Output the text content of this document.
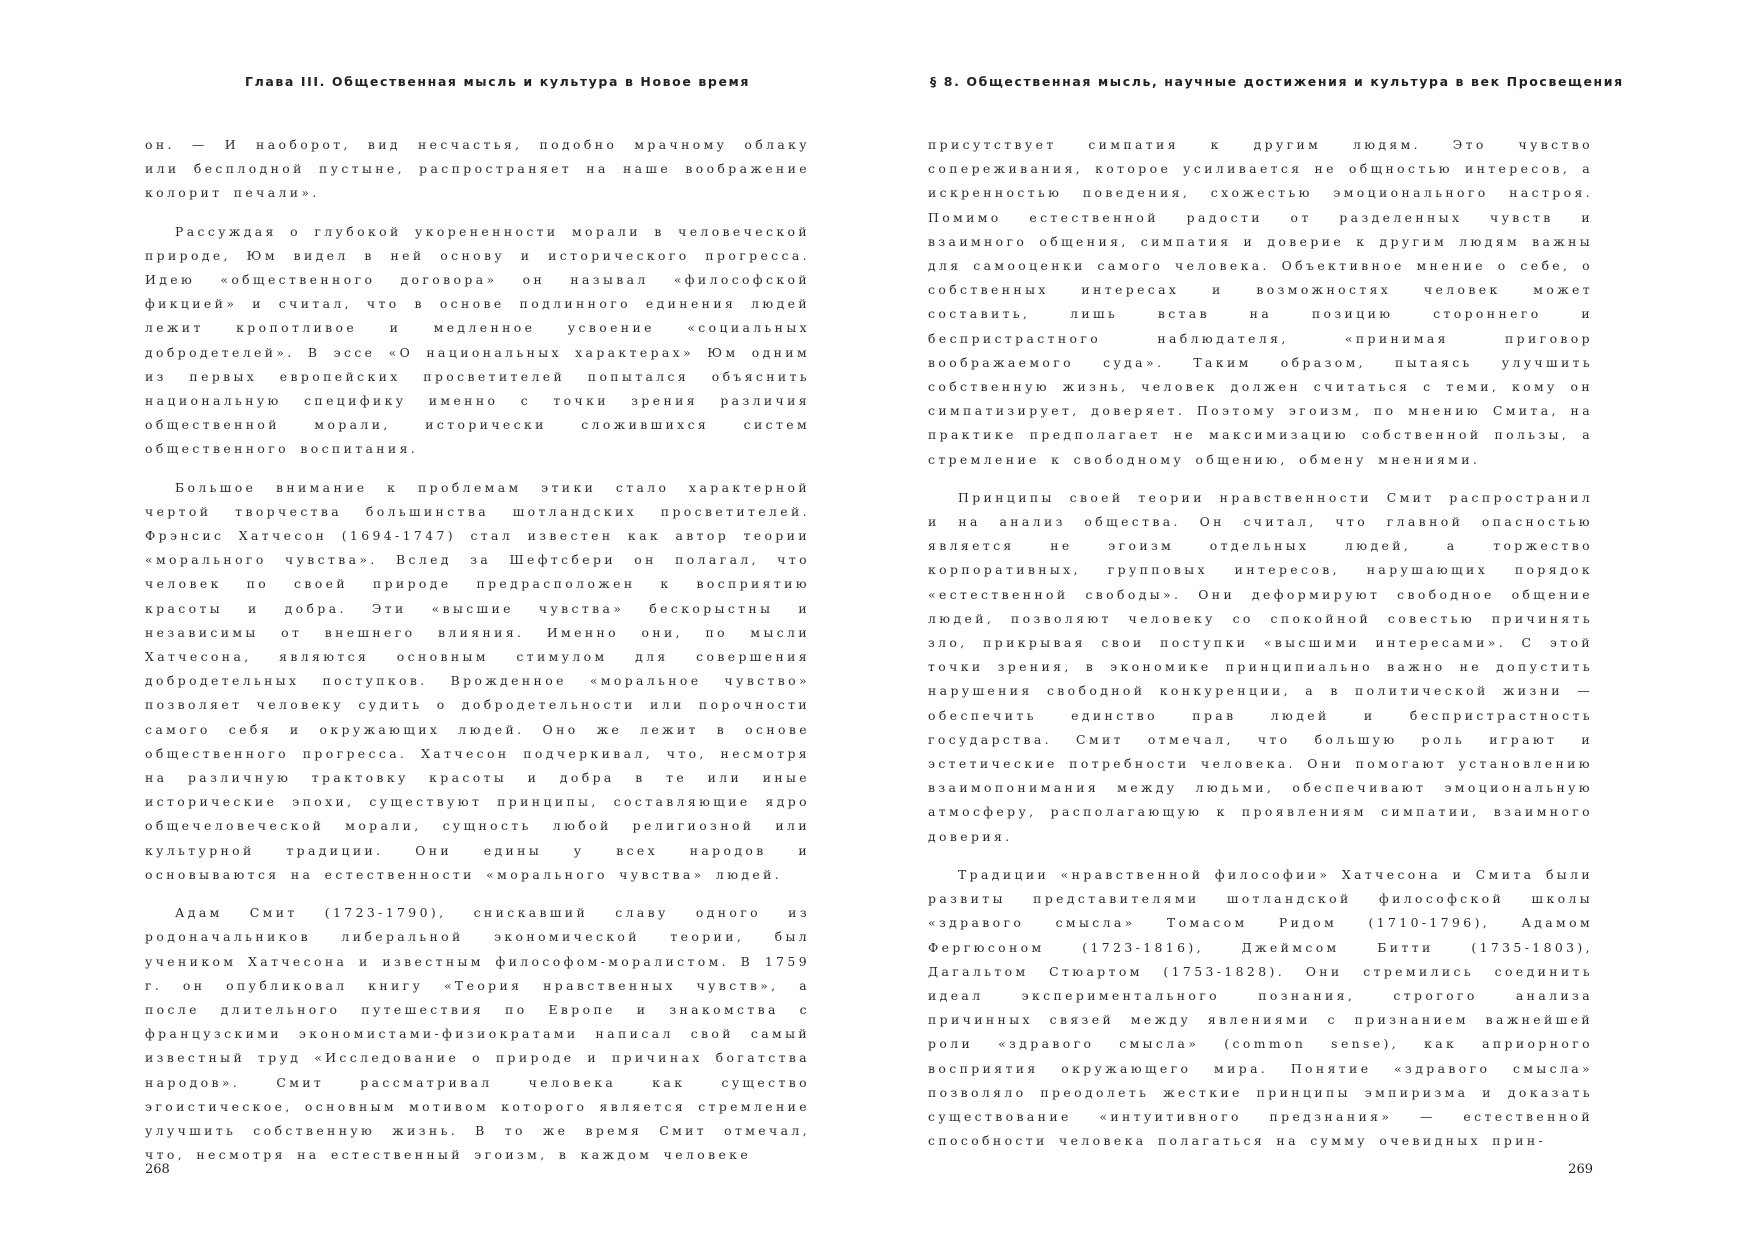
Глава III. Общественная мысль и культура в Новое время

он. — И наоборот, вид несчастья, подобно мрачному облаку или бесплодной пустыне, распространяет на наше воображение колорит печали».

Рассуждая о глубокой укорененности морали в человеческой природе, Юм видел в ней основу и исторического прогресса. Идею «общественного договора» он называл «философской фикцией» и считал, что в основе подлинного единения людей лежит кропотливое и медленное усвоение «социальных добродетелей». В эссе «О национальных характерах» Юм одним из первых европейских просветителей попытался объяснить национальную специфику именно с точки зрения различия общественной морали, исторически сложившихся систем общественного воспитания.

Большое внимание к проблемам этики стало характерной чертой творчества большинства шотландских просветителей. Фрэнсис Хатчесон (1694-1747) стал известен как автор теории «морального чувства». Вслед за Шефтсбери он полагал, что человек по своей природе предрасположен к восприятию красоты и добра. Эти «высшие чувства» бескорыстны и независимы от внешнего влияния. Именно они, по мысли Хатчесона, являются основным стимулом для совершения добродетельных поступков. Врожденное «моральное чувство» позволяет человеку судить о добродетельности или порочности самого себя и окружающих людей. Оно же лежит в основе общественного прогресса. Хатчесон подчеркивал, что, несмотря на различную трактовку красоты и добра в те или иные исторические эпохи, существуют принципы, составляющие ядро общечеловеческой морали, сущность любой религиозной или культурной традиции. Они едины у всех народов и основываются на естественности «морального чувства» людей.

Адам Смит (1723-1790), снискавший славу одного из родоначальников либеральной экономической теории, был учеником Хатчесона и известным философом-моралистом. В 1759 г. он опубликовал книгу «Теория нравственных чувств», а после длительного путешествия по Европе и знакомства с французскими экономистами-физиократами написал свой самый известный труд «Исследование о природе и причинах богатства народов». Смит рассматривал человека как существо эгоистическое, основным мотивом которого является стремление улучшить собственную жизнь. В то же время Смит отмечал, что, несмотря на естественный эгоизм, в каждом человеке

268
§ 8. Общественная мысль, научные достижения и культура в век Просвещения

присутствует симпатия к другим людям. Это чувство сопереживания, которое усиливается не общностью интересов, а искренностью поведения, схожестью эмоционального настроя. Помимо естественной радости от разделенных чувств и взаимного общения, симпатия и доверие к другим людям важны для самооценки самого человека. Объективное мнение о себе, о собственных интересах и возможностях человек может составить, лишь встав на позицию стороннего и беспристрастного наблюдателя, «принимая приговор воображаемого суда». Таким образом, пытаясь улучшить собственную жизнь, человек должен считаться с теми, кому он симпатизирует, доверяет. Поэтому эгоизм, по мнению Смита, на практике предполагает не максимизацию собственной пользы, а стремление к свободному общению, обмену мнениями.

Принципы своей теории нравственности Смит распространил и на анализ общества. Он считал, что главной опасностью является не эгоизм отдельных людей, а торжество корпоративных, групповых интересов, нарушающих порядок «естественной свободы». Они деформируют свободное общение людей, позволяют человеку со спокойной совестью причинять зло, прикрывая свои поступки «высшими интересами». С этой точки зрения, в экономике принципиально важно не допустить нарушения свободной конкуренции, а в политической жизни — обеспечить единство прав людей и беспристрастность государства. Смит отмечал, что большую роль играют и эстетические потребности человека. Они помогают установлению взаимопонимания между людьми, обеспечивают эмоциональную атмосферу, располагающую к проявлениям симпатии, взаимного доверия.

Традиции «нравственной философии» Хатчесона и Смита были развиты представителями шотландской философской школы «здравого смысла» Томасом Ридом (1710-1796), Адамом Фергюсоном (1723-1816), Джеймсом Битти (1735-1803), Дагальтом Стюартом (1753-1828). Они стремились соединить идеал экспериментального познания, строгого анализа причинных связей между явлениями с признанием важнейшей роли «здравого смысла» (common sense), как априорного восприятия окружающего мира. Понятие «здравого смысла» позволяло преодолеть жесткие принципы эмпиризма и доказать существование «интуитивного предзнания» — естественной способности человека полагаться на сумму очевидных прин-

269
